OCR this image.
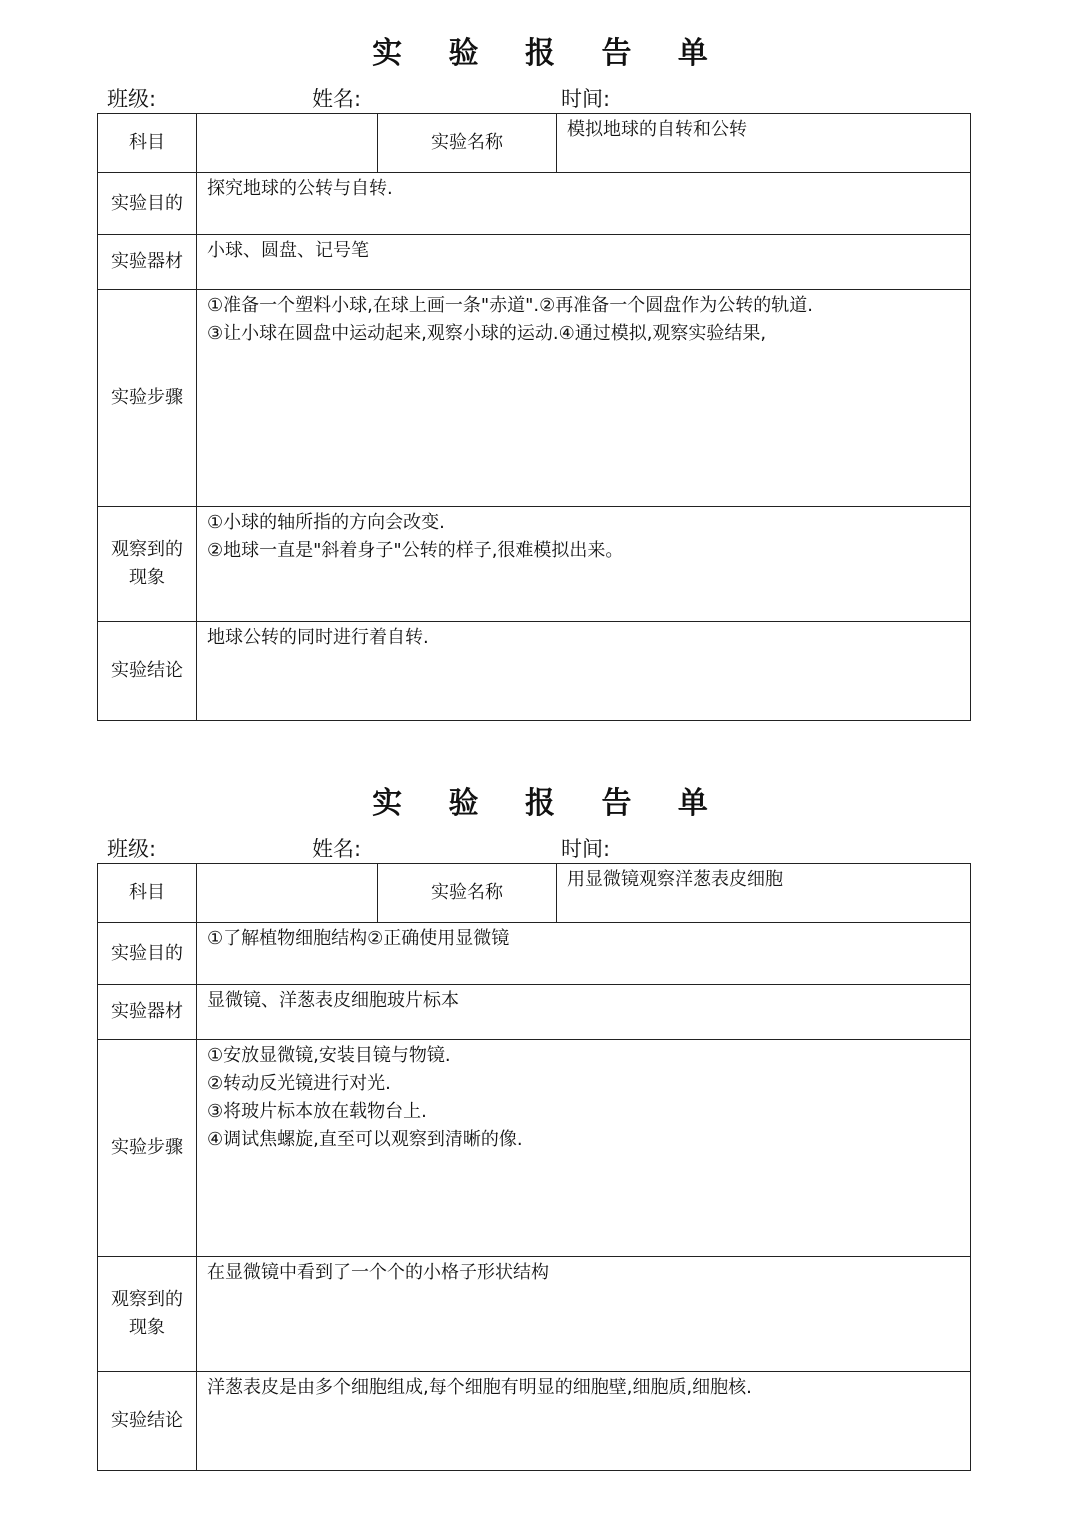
实 验 报 告 单
班级:	姓名:	时间:
科目		实验名称	模拟地球的自转和公转
实验目的	探究地球的公转与自转.		
实验器材	小球、圆盘、记号笔		
实验步骤	①准备一个塑料小球,在球上画一条"赤道".②再准备一个圆盘作为公转的轨道.
③让小球在圆盘中运动起来,观察小球的运动.④通过模拟,观察实验结果,		

观察到的
现象	①小球的轴所指的方向会改变.
②地球一直是"斜着身子"公转的样子,很难模拟出来。		

实验结论	地球公转的同时进行着自转.		
实 验 报 告 单
班级:	姓名:	时间:
科目		实验名称	用显微镜观察洋葱表皮细胞
实验目的	①了解植物细胞结构②正确使用显微镜		
实验器材	显微镜、洋葱表皮细胞玻片标本		
实验步骤	①安放显微镜,安装目镜与物镜.
②转动反光镜进行对光.
③将玻片标本放在载物台上.
④调试焦螺旋,直至可以观察到清晰的像.		

观察到的
现象	在显微镜中看到了一个个的小格子形状结构		

实验结论	洋葱表皮是由多个细胞组成,每个细胞有明显的细胞壁,细胞质,细胞核.		
